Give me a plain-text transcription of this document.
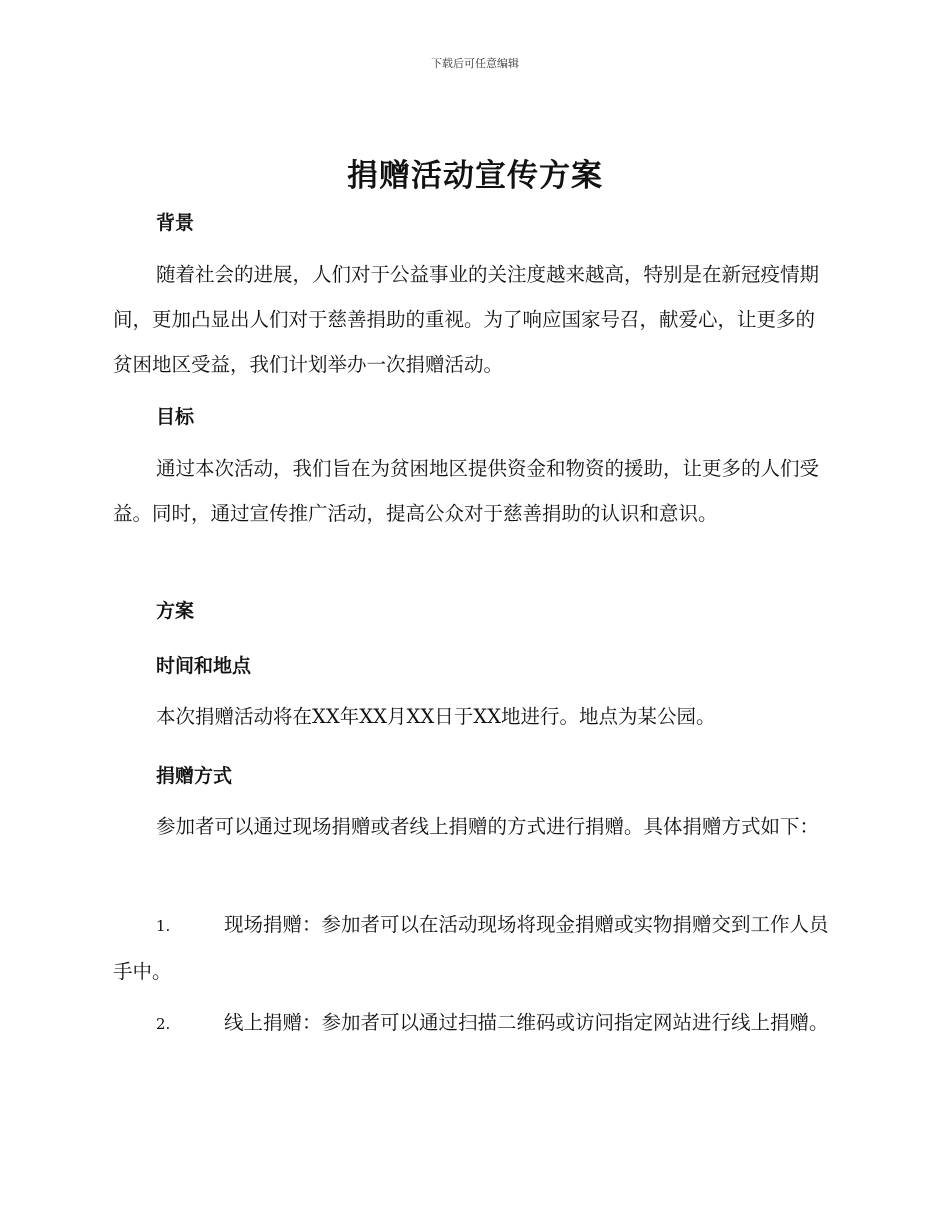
下载后可任意编辑
捐赠活动宣传方案
背景
随着社会的进展，人们对于公益事业的关注度越来越高，特别是在新冠疫情期间，更加凸显出人们对于慈善捐助的重视。为了响应国家号召，献爱心，让更多的贫困地区受益，我们计划举办一次捐赠活动。
目标
通过本次活动，我们旨在为贫困地区提供资金和物资的援助，让更多的人们受益。同时，通过宣传推广活动，提高公众对于慈善捐助的认识和意识。
方案
时间和地点
本次捐赠活动将在XX年XX月XX日于XX地进行。地点为某公园。
捐赠方式
参加者可以通过现场捐赠或者线上捐赠的方式进行捐赠。具体捐赠方式如下：
1.	现场捐赠：参加者可以在活动现场将现金捐赠或实物捐赠交到工作人员手中。
2.	线上捐赠：参加者可以通过扫描二维码或访问指定网站进行线上捐赠。
